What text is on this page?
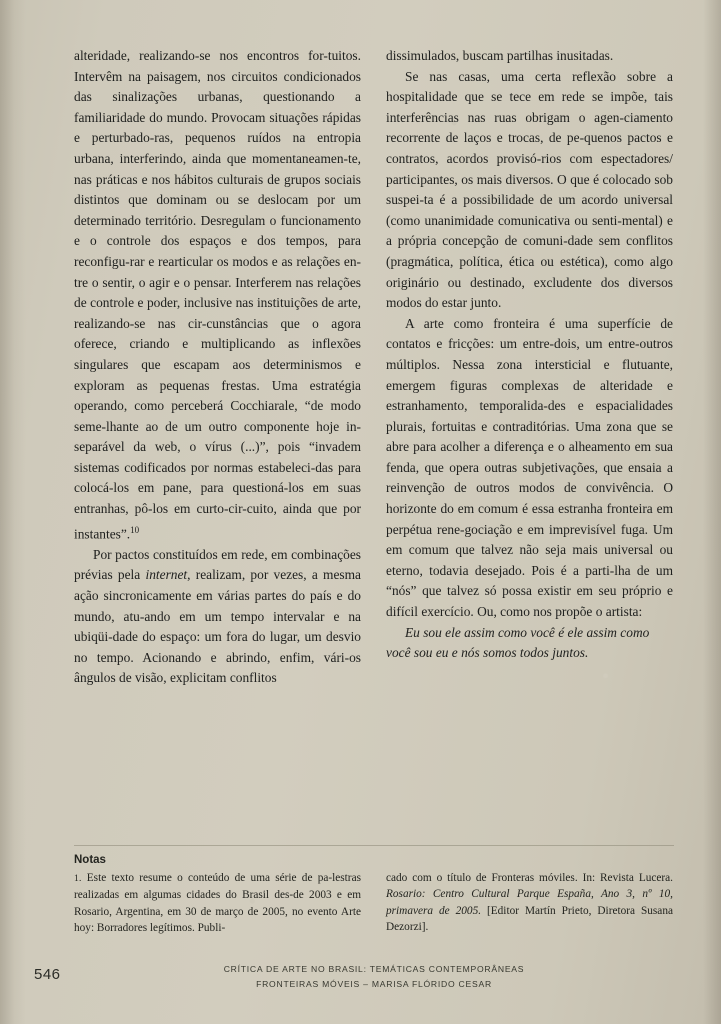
alteridade, realizando-se nos encontros for-tuitos. Intervêm na paisagem, nos circuitos condicionados das sinalizações urbanas, questionando a familiaridade do mundo. Provocam situações rápidas e perturbado-ras, pequenos ruídos na entropia urbana, interferindo, ainda que momentaneamen-te, nas práticas e nos hábitos culturais de grupos sociais distintos que dominam ou se deslocam por um determinado território. Desregulam o funcionamento e o controle dos espaços e dos tempos, para reconfigu-rar e rearticular os modos e as relações en-tre o sentir, o agir e o pensar. Interferem nas relações de controle e poder, inclusive nas instituições de arte, realizando-se nas cir-cunstâncias que o agora oferece, criando e multiplicando as inflexões singulares que escapam aos determinismos e exploram as pequenas frestas. Uma estratégia operando, como perceberá Cocchiarale, “de modo seme-lhante ao de um outro componente hoje in-separável da web, o vírus (...)”, pois “invadem sistemas codificados por normas estabeleci-das para colocá-los em pane, para questioná-los em suas entranhas, pô-los em curto-cir-cuito, ainda que por instantes”.$^{10}$

Por pactos constituídos em rede, em combinações prévias pela internet, realizam, por vezes, a mesma ação sincronicamente em várias partes do país e do mundo, atu-ando em um tempo intervalar e na ubiqüi-dade do espaço: um fora do lugar, um desvio no tempo. Acionando e abrindo, enfim, vári-os ângulos de visão, explicitam conflitos

dissimulados, buscam partilhas inusitadas.

Se nas casas, uma certa reflexão sobre a hospitalidade que se tece em rede se impõe, tais interferências nas ruas obrigam o agen-ciamento recorrente de laços e trocas, de pe-quenos pactos e contratos, acordos provisó-rios com espectadores/ participantes, os mais diversos. O que é colocado sob suspei-ta é a possibilidade de um acordo universal (como unanimidade comunicativa ou senti-mental) e a própria concepção de comuni-dade sem conflitos (pragmática, política, ética ou estética), como algo originário ou destinado, excludente dos diversos modos do estar junto.

A arte como fronteira é uma superfície de contatos e fricções: um entre-dois, um entre-outros múltiplos. Nessa zona intersticial e flutuante, emergem figuras complexas de alteridade e estranhamento, temporalida-des e espacialidades plurais, fortuitas e contraditórias. Uma zona que se abre para acolher a diferença e o alheamento em sua fenda, que opera outras subjetivações, que ensaia a reinvenção de outros modos de convivência. O horizonte do em comum é essa estranha fronteira em perpétua rene-gociação e em imprevisível fuga. Um em comum que talvez não seja mais universal ou eterno, todavia desejado. Pois é a parti-lha de um “nós” que talvez só possa existir em seu próprio e difícil exercício. Ou, como nos propõe o artista:

Eu sou ele assim como você é ele assim como

você sou eu e nós somos todos juntos.

Notas

1. Este texto resume o conteúdo de uma série de pa-lestras realizadas em algumas cidades do Brasil des-de 2003 e em Rosario, Argentina, em 30 de março de 2005, no evento Arte hoy: Borradores legítimos. Publi-

cado com o título de Fronteras móviles. In: Revista Lucera. Rosario: Centro Cultural Parque España, Ano 3, nº 10, primavera de 2005. [Editor Martín Prieto, Diretora Susana Dezorzi].

546	CRÍTICA DE ARTE NO BRASIL: TEMÁTICAS CONTEMPORÂNEAS
FRONTEIRAS MÓVEIS – MARISA FLÓRIDO CESAR
